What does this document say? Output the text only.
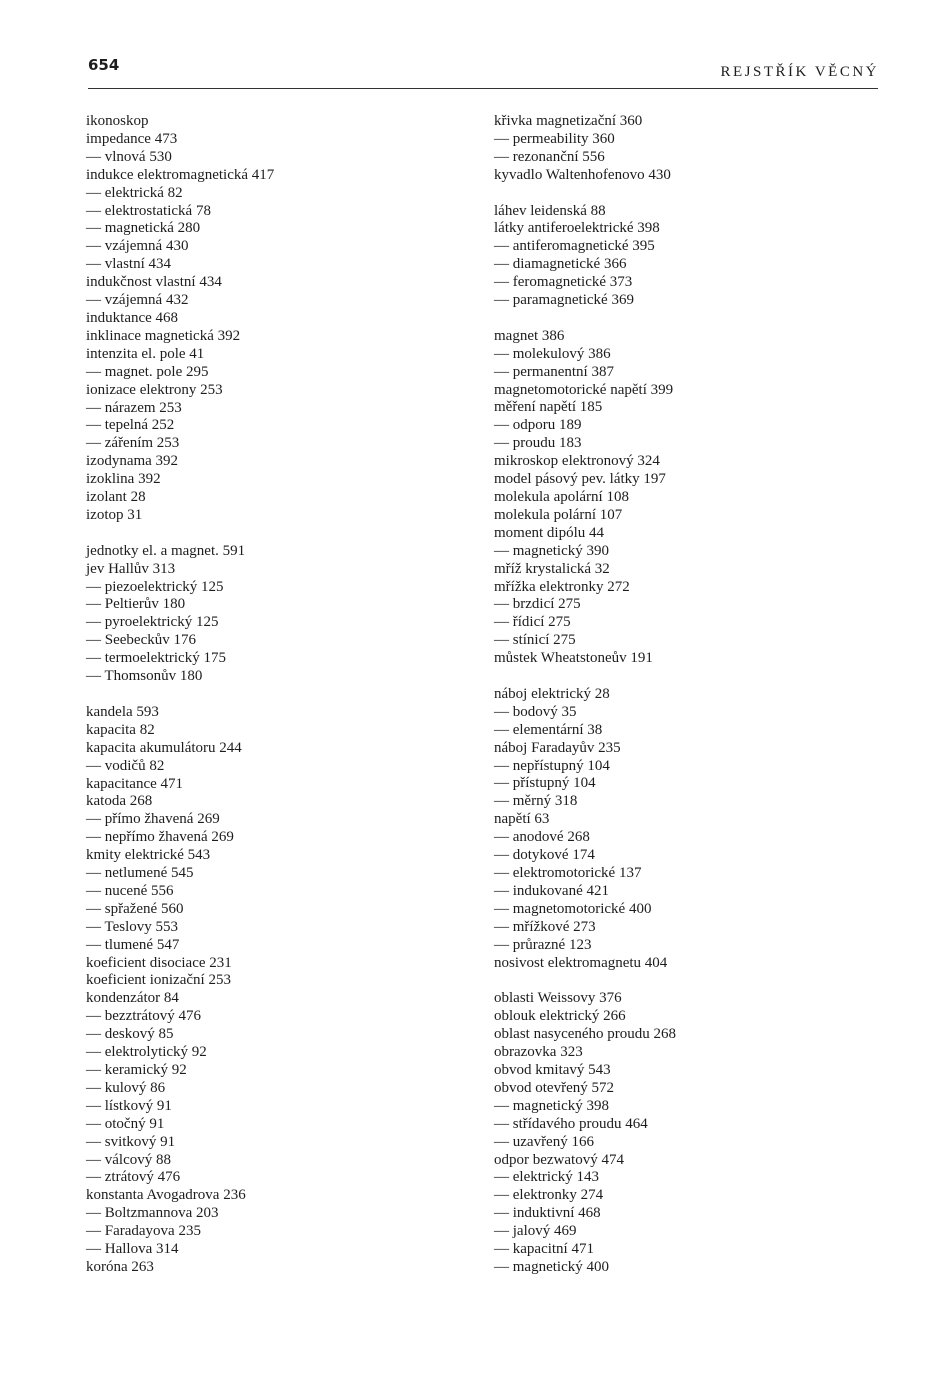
654	REJSTŘÍK VĚCNÝ
ikonoskop
impedance 473
— vlnová 530
indukce elektromagnetická 417
— elektrická 82
— elektrostatická 78
— magnetická 280
— vzájemná 430
— vlastní 434
indukčnost vlastní 434
— vzájemná 432
induktance 468
inklinace magnetická 392
intenzita el. pole 41
— magnet. pole 295
ionizace elektrony 253
— nárazem 253
— tepelná 252
— zářením 253
izodynama 392
izoklina 392
izolant 28
izotop 31
jednotky el. a magnet. 591
jev Hallův 313
— piezoelektrický 125
— Peltierův 180
— pyroelektrický 125
— Seebeckův 176
— termoelektrický 175
— Thomsonův 180
kandela 593
kapacita 82
kapacita akumulátoru 244
— vodičů 82
kapacitance 471
katoda 268
— přímo žhavená 269
— nepřímo žhavená 269
kmity elektrické 543
— netlumené 545
— nucené 556
— spřažené 560
— Teslovy 553
— tlumené 547
koeficient disociace 231
koeficient ionizační 253
kondenzátor 84
— bezztrátový 476
— deskový 85
— elektrolytický 92
— keramický 92
— kulový 86
— lístkový 91
— otočný 91
— svitkový 91
— válcový 88
— ztrátový 476
konstanta Avogadrova 236
— Boltzmannova 203
— Faradayova 235
— Hallova 314
koróna 263
křivka magnetizační 360
— permeability 360
— rezonanční 556
kyvadlo Waltenhofenovo 430
láhev leidenská 88
látky antiferoelektrické 398
— antiferomagnetické 395
— diamagnetické 366
— feromagnetické 373
— paramagnetické 369
magnet 386
— molekulový 386
— permanentní 387
magnetomotorické napětí 399
měření napětí 185
— odporu 189
— proudu 183
mikroskop elektronový 324
model pásový pev. látky 197
molekula apolární 108
molekula polární 107
moment dipólu 44
— magnetický 390
mříž krystalická 32
mřížka elektronky 272
— brzdicí 275
— řídicí 275
— stínicí 275
můstek Wheatstoneův 191
náboj elektrický 28
— bodový 35
— elementární 38
náboj Faradayův 235
— nepřístupný 104
— přístupný 104
— měrný 318
napětí 63
— anodové 268
— dotykové 174
— elektromotorické 137
— indukované 421
— magnetomotorické 400
— mřížkové 273
— průrazné 123
nosivost elektromagnetu 404
oblasti Weissovy 376
oblouk elektrický 266
oblast nasyceného proudu 268
obrazovka 323
obvod kmitavý 543
obvod otevřený 572
— magnetický 398
— střídavého proudu 464
— uzavřený 166
odpor bezwatový 474
— elektrický 143
— elektronky 274
— induktivní 468
— jalový 469
— kapacitní 471
— magnetický 400
